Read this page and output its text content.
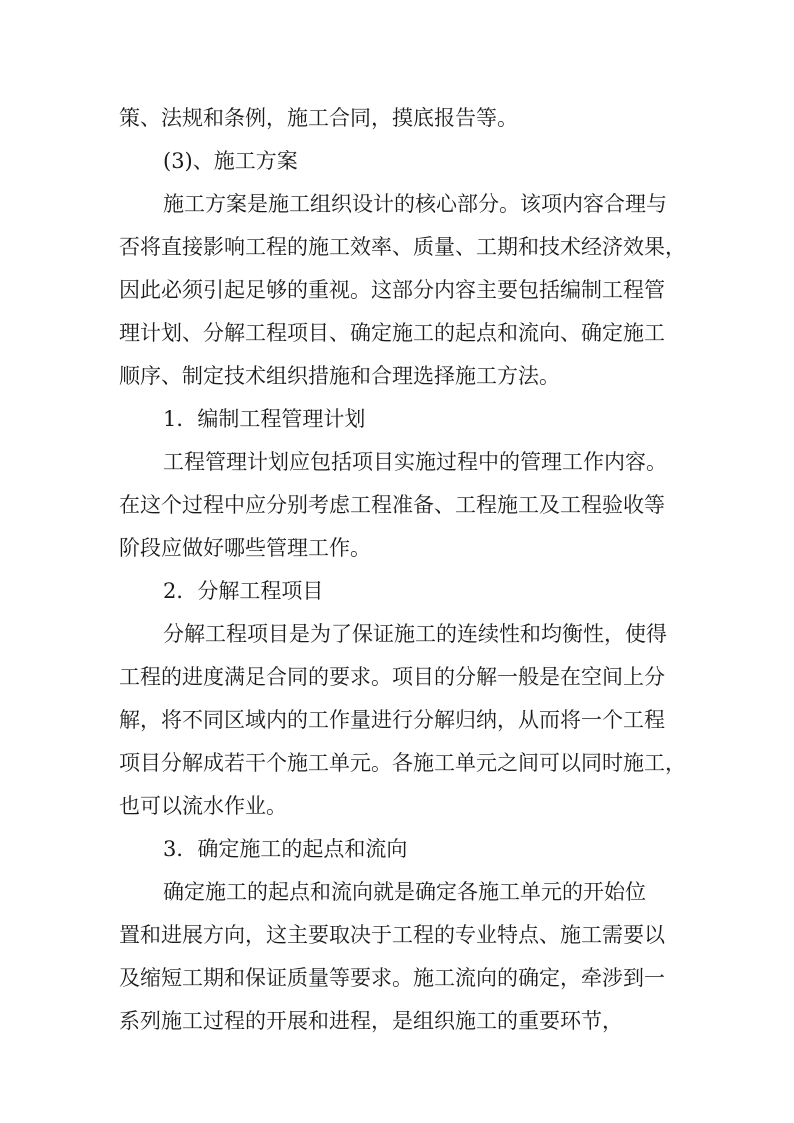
策、法规和条例，施工合同，摸底报告等。
(3)、施工方案
施工方案是施工组织设计的核心部分。该项内容合理与
否将直接影响工程的施工效率、质量、工期和技术经济效果，
因此必须引起足够的重视。这部分内容主要包括编制工程管
理计划、分解工程项目、确定施工的起点和流向、确定施工
顺序、制定技术组织措施和合理选择施工方法。
1．编制工程管理计划
工程管理计划应包括项目实施过程中的管理工作内容。
在这个过程中应分别考虑工程准备、工程施工及工程验收等
阶段应做好哪些管理工作。
2．分解工程项目
分解工程项目是为了保证施工的连续性和均衡性，使得
工程的进度满足合同的要求。项目的分解一般是在空间上分
解，将不同区域内的工作量进行分解归纳，从而将一个工程
项目分解成若干个施工单元。各施工单元之间可以同时施工，
也可以流水作业。
3．确定施工的起点和流向
确定施工的起点和流向就是确定各施工单元的开始位
置和进展方向，这主要取决于工程的专业特点、施工需要以
及缩短工期和保证质量等要求。施工流向的确定，牵涉到一
系列施工过程的开展和进程，是组织施工的重要环节，
